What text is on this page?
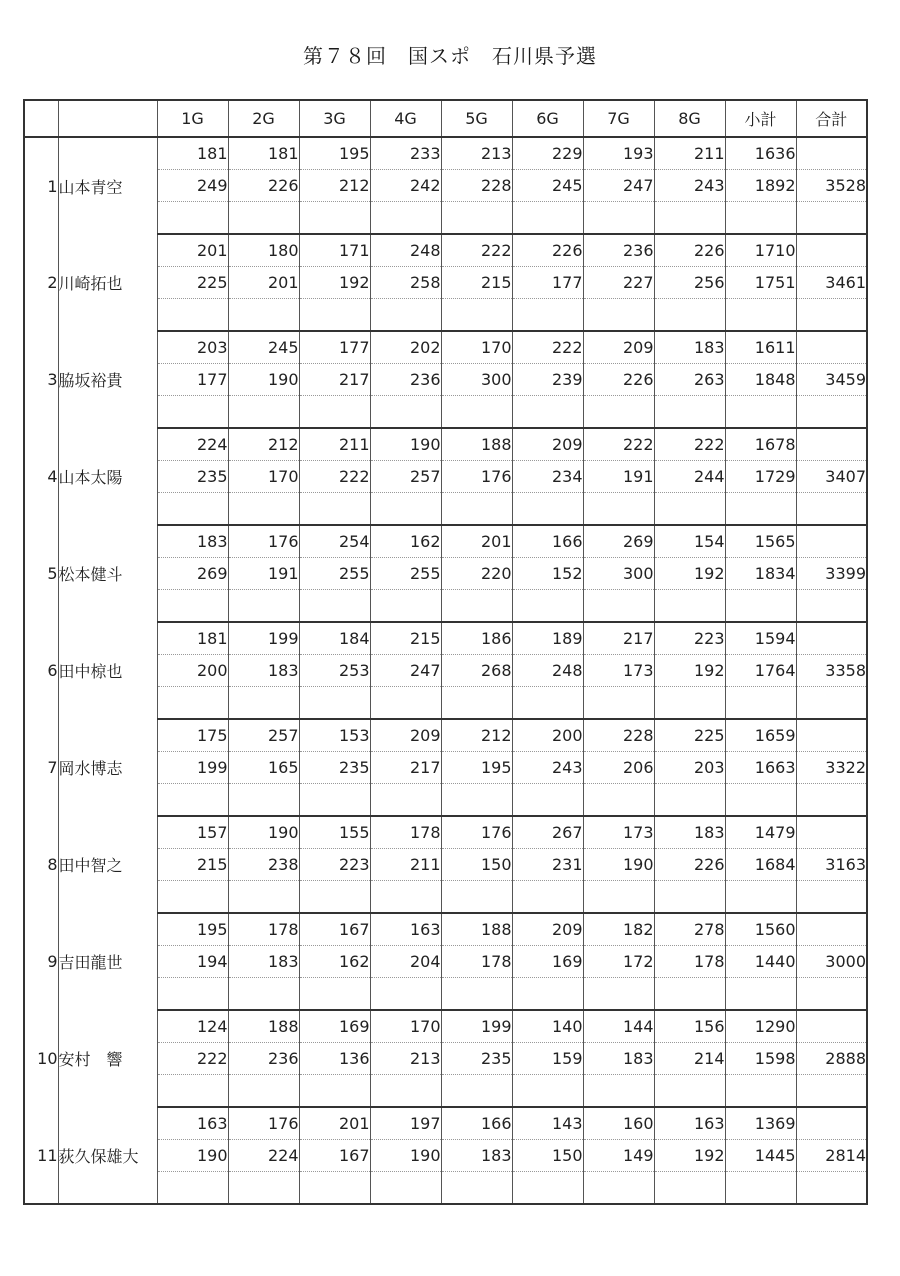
第７８回　国スポ　石川県予選
		1G	2G	3G	4G	5G	6G	7G	8G	小計	合計
1	山本青空	181	181	195	233	213	229	193	211	1636	
		249	226	212	242	228	245	247	243	1892	3528

2	川崎拓也	201	180	171	248	222	226	236	226	1710	
		225	201	192	258	215	177	227	256	1751	3461

3	脇坂裕貴	203	245	177	202	170	222	209	183	1611	
		177	190	217	236	300	239	226	263	1848	3459

4	山本太陽	224	212	211	190	188	209	222	222	1678	
		235	170	222	257	176	234	191	244	1729	3407

5	松本健斗	183	176	254	162	201	166	269	154	1565	
		269	191	255	255	220	152	300	192	1834	3399

6	田中椋也	181	199	184	215	186	189	217	223	1594	
		200	183	253	247	268	248	173	192	1764	3358

7	岡水博志	175	257	153	209	212	200	228	225	1659	
		199	165	235	217	195	243	206	203	1663	3322

8	田中智之	157	190	155	178	176	267	173	183	1479	
		215	238	223	211	150	231	190	226	1684	3163

9	吉田龍世	195	178	167	163	188	209	182	278	1560	
		194	183	162	204	178	169	172	178	1440	3000

10	安村　響	124	188	169	170	199	140	144	156	1290	
		222	236	136	213	235	159	183	214	1598	2888

11	荻久保雄大	163	176	201	197	166	143	160	163	1369	
		190	224	167	190	183	150	149	192	1445	2814
